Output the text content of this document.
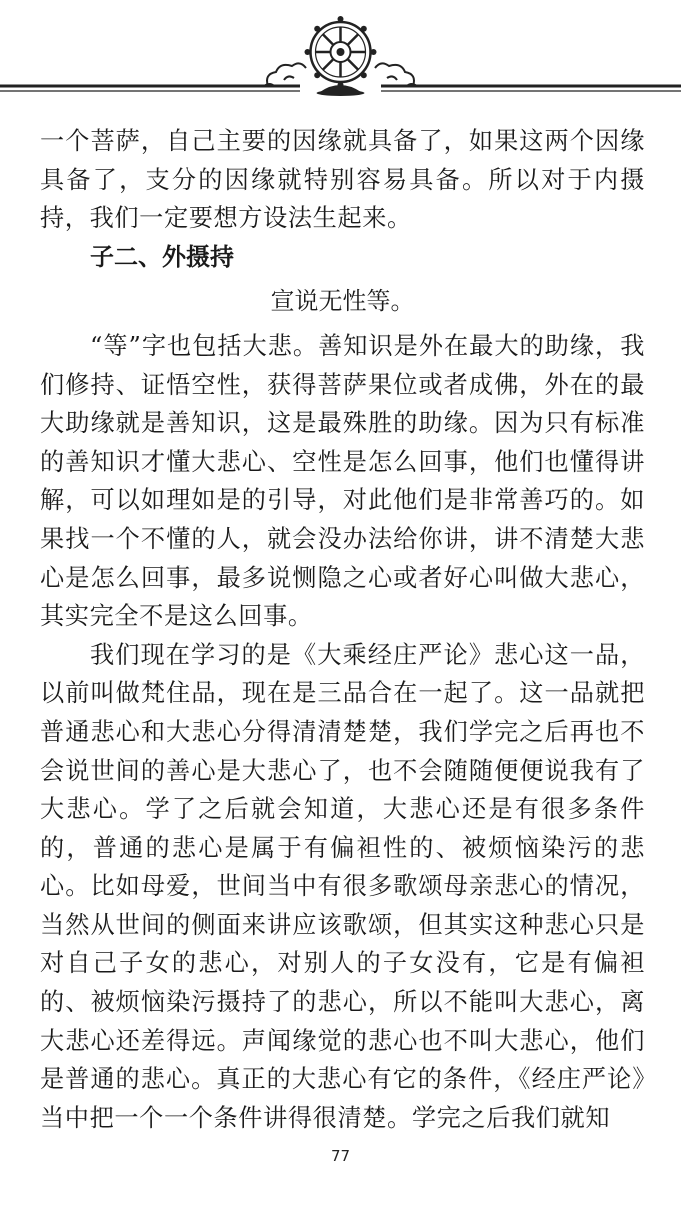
一个菩萨，自己主要的因缘就具备了，如果这两个因缘具备了，支分的因缘就特别容易具备。所以对于内摄持，我们一定要想方设法生起来。

子二、外摄持

宣说无性等。

“等”字也包括大悲。善知识是外在最大的助缘，我们修持、证悟空性，获得菩萨果位或者成佛，外在的最大助缘就是善知识，这是最殊胜的助缘。因为只有标准的善知识才懂大悲心、空性是怎么回事，他们也懂得讲解，可以如理如是的引导，对此他们是非常善巧的。如果找一个不懂的人，就会没办法给你讲，讲不清楚大悲心是怎么回事，最多说恻隐之心或者好心叫做大悲心，其实完全不是这么回事。

我们现在学习的是《大乘经庄严论》悲心这一品，以前叫做梵住品，现在是三品合在一起了。这一品就把普通悲心和大悲心分得清清楚楚，我们学完之后再也不会说世间的善心是大悲心了，也不会随随便便说我有了大悲心。学了之后就会知道，大悲心还是有很多条件的，普通的悲心是属于有偏袒性的、被烦恼染污的悲心。比如母爱，世间当中有很多歌颂母亲悲心的情况，当然从世间的侧面来讲应该歌颂，但其实这种悲心只是对自己子女的悲心，对别人的子女没有，它是有偏袒的、被烦恼染污摄持了的悲心，所以不能叫大悲心，离大悲心还差得远。声闻缘觉的悲心也不叫大悲心，他们是普通的悲心。真正的大悲心有它的条件，《经庄严论》当中把一个一个条件讲得很清楚。学完之后我们就知

77
